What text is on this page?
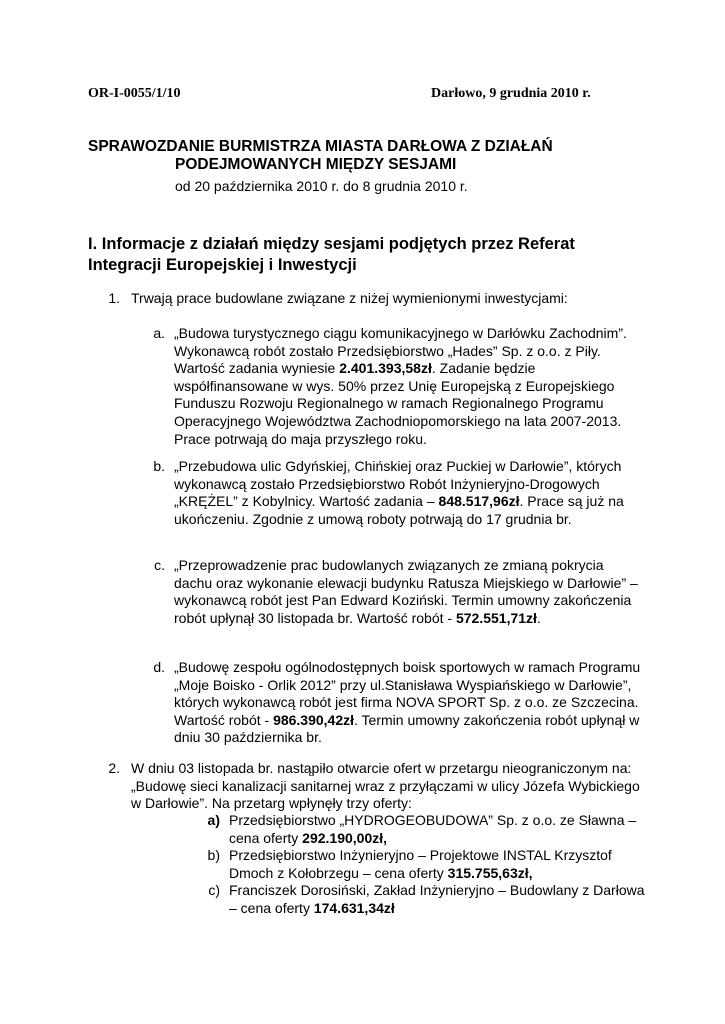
OR-I-0055/1/10	Darłowo, 9 grudnia 2010 r.
SPRAWOZDANIE BURMISTRZA MIASTA DARŁOWA Z DZIAŁAŃ
PODEJMOWANYCH MIĘDZY SESJAMI
od 20 października 2010 r. do 8 grudnia 2010 r.
I. Informacje z działań między sesjami podjętych przez Referat
Integracji Europejskiej i Inwestycji
1. Trwają prace budowlane związane z niżej wymienionymi inwestycjami:
a. „Budowa turystycznego ciągu komunikacyjnego w Darłówku Zachodnim”. Wykonawcą robót zostało Przedsiębiorstwo „Hades” Sp. z o.o. z Piły. Wartość zadania wyniesie 2.401.393,58zł. Zadanie będzie współfinansowane w wys. 50% przez Unię Europejską z Europejskiego Funduszu Rozwoju Regionalnego w ramach Regionalnego Programu Operacyjnego Województwa Zachodniopomorskiego na lata 2007-2013. Prace potrwają do maja przyszłego roku.
b. „Przebudowa ulic Gdyńskiej, Chińskiej oraz Puckiej w Darłowie”, których wykonawcą zostało Przedsiębiorstwo Robót Inżynieryjno-Drogowych „KRĘŻEL” z Kobylnicy. Wartość zadania – 848.517,96zł. Prace są już na ukończeniu. Zgodnie z umową roboty potrwają do 17 grudnia br.
c. „Przeprowadzenie prac budowlanych związanych ze zmianą pokrycia dachu oraz wykonanie elewacji budynku Ratusza Miejskiego w Darłowie” – wykonawcą robót jest Pan Edward Koziński. Termin umowny zakończenia robót upłynął 30 listopada br. Wartość robót - 572.551,71zł.
d. „Budowę zespołu ogólnodostępnych boisk sportowych w ramach Programu „Moje Boisko - Orlik 2012” przy ul.Stanisława Wyspiańskiego w Darłowie”, których wykonawcą robót jest firma NOVA SPORT Sp. z o.o. ze Szczecina. Wartość robót - 986.390,42zł. Termin umowny zakończenia robót upłynął w dniu 30 października br.
2. W dniu 03 listopada br. nastąpiło otwarcie ofert w przetargu nieograniczonym na: „Budowę sieci kanalizacji sanitarnej wraz z przyłączami w ulicy Józefa Wybickiego w Darłowie”. Na przetarg wpłynęły trzy oferty:
a) Przedsiębiorstwo „HYDROGEOBUDOWA” Sp. z o.o. ze Sławna – cena oferty 292.190,00zł,
b) Przedsiębiorstwo Inżynieryjno – Projektowe INSTAL Krzysztof Dmoch z Kołobrzegu – cena oferty 315.755,63zł,
c) Franciszek Dorosiński, Zakład Inżynieryjno – Budowlany z Darłowa – cena oferty 174.631,34zł
